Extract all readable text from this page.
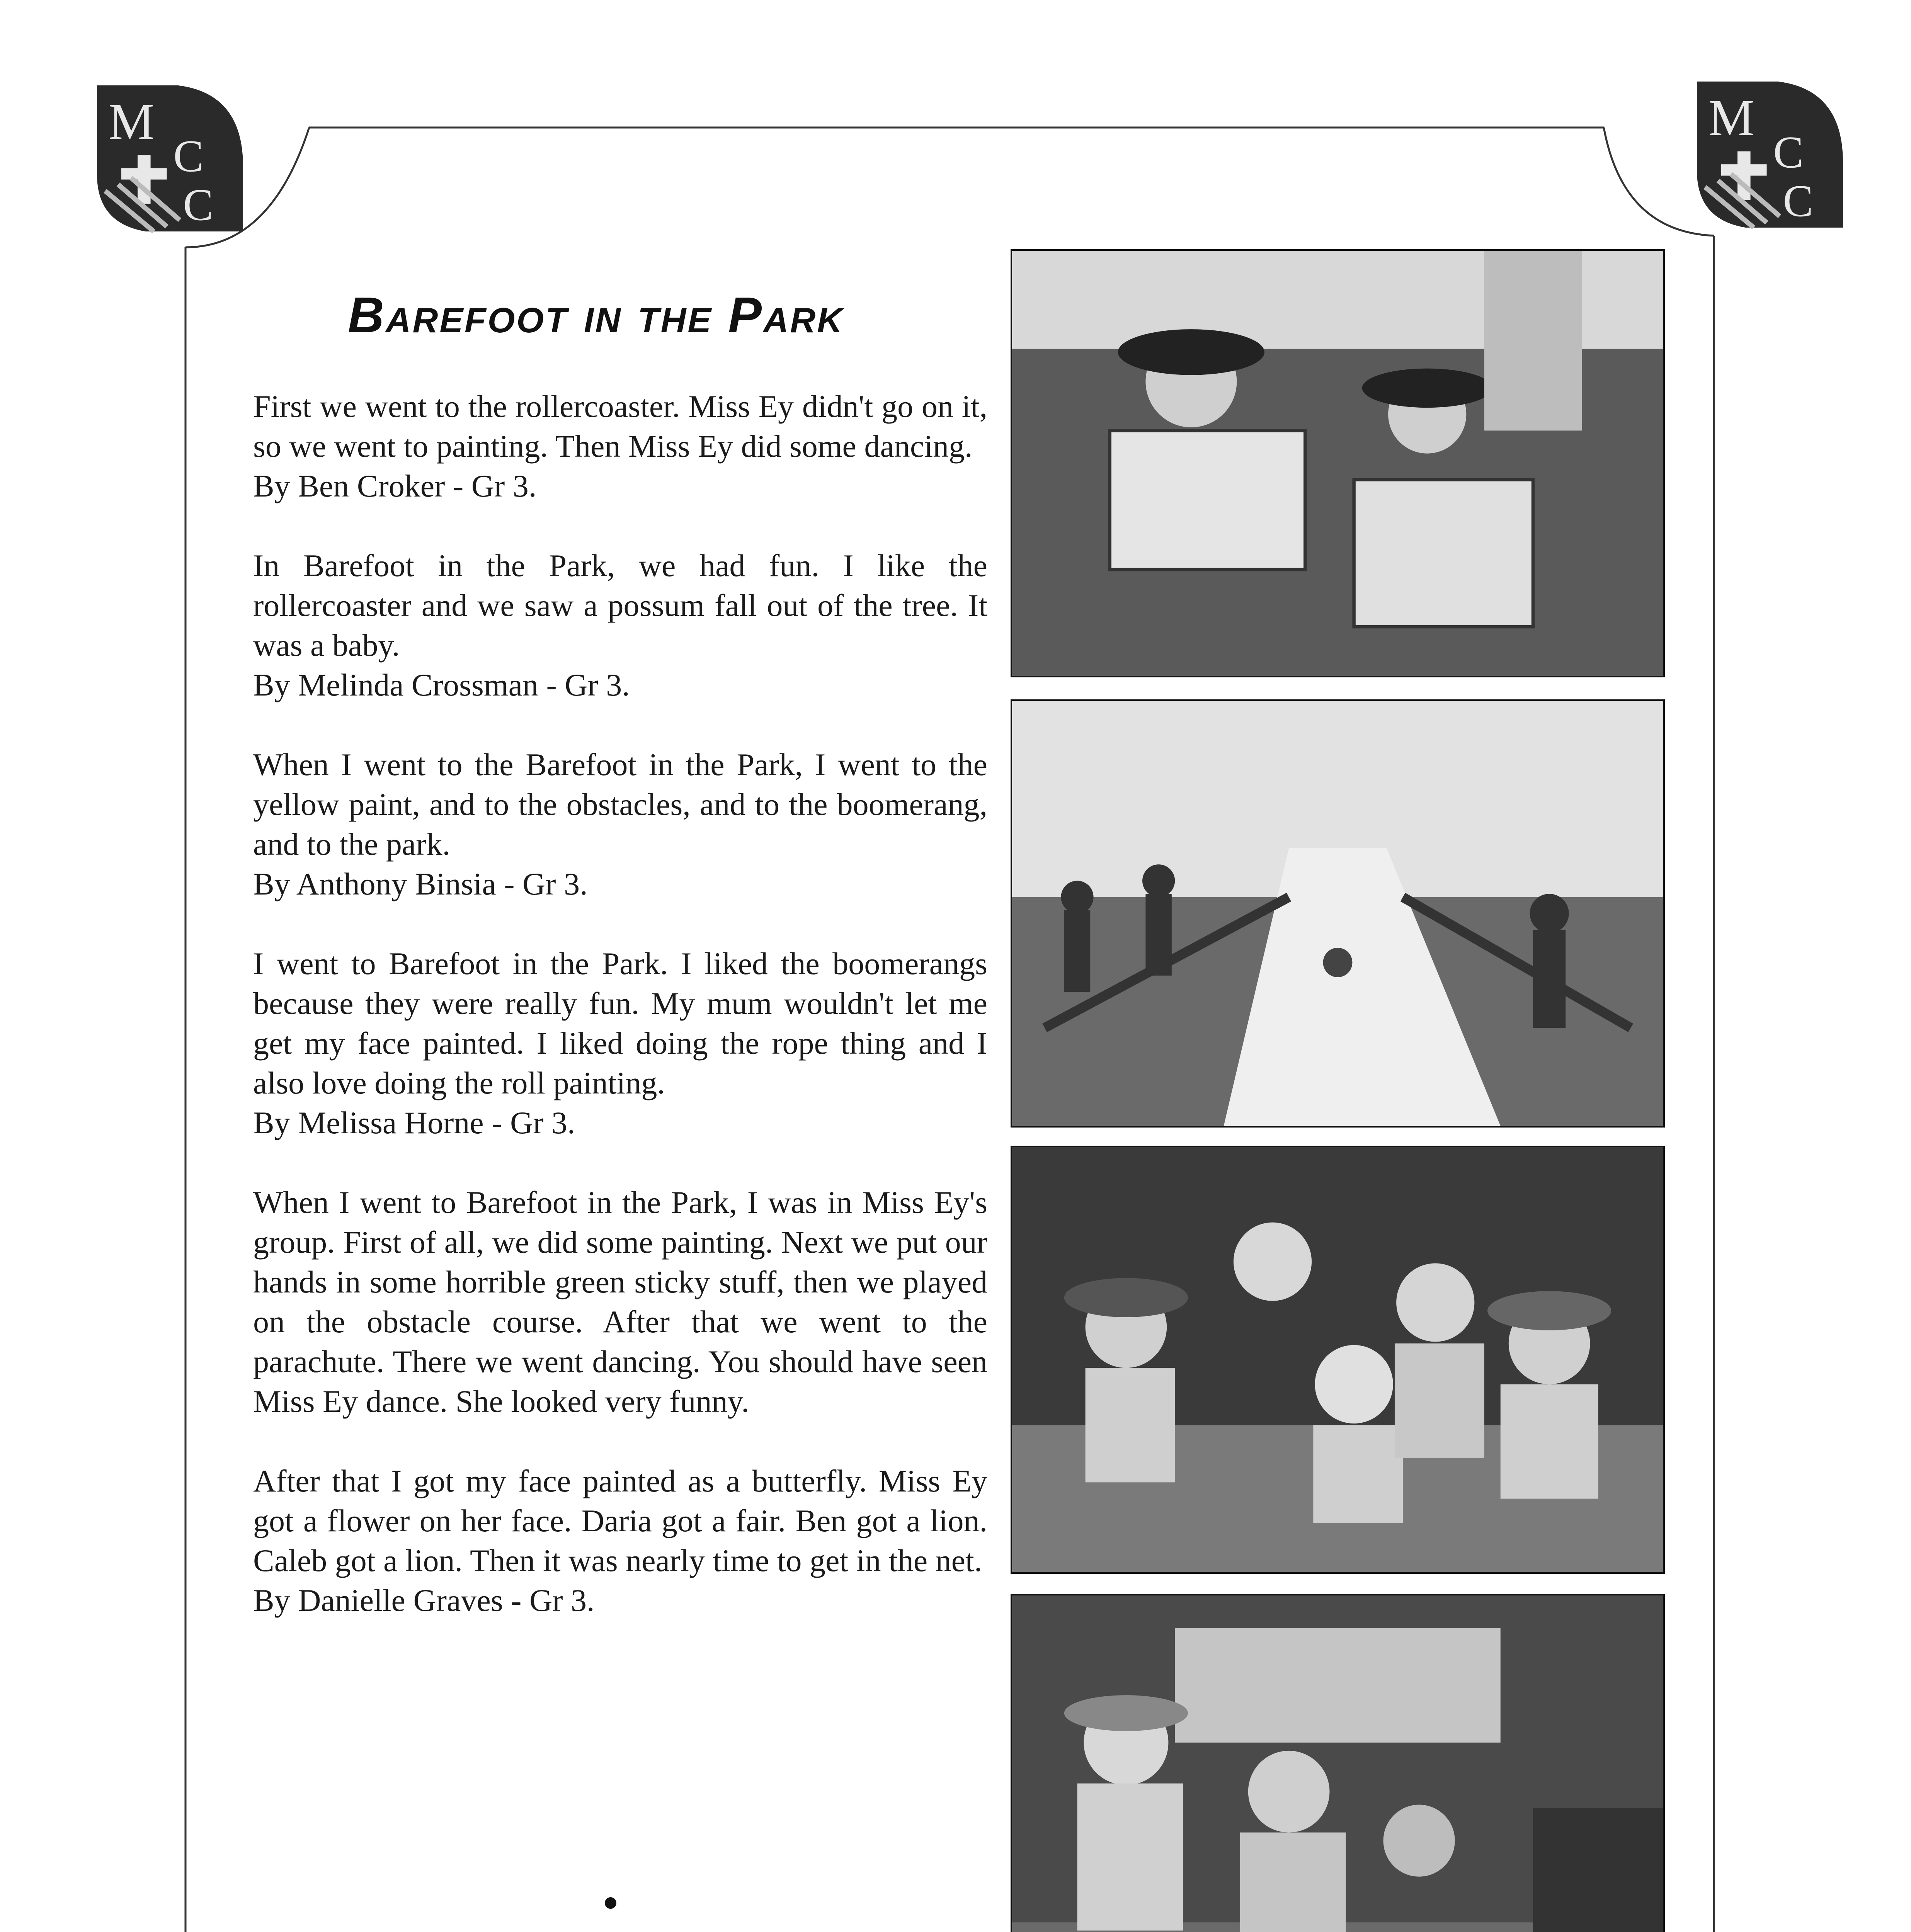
M
C
C
M
C
C
Barefoot in the Park

First we went to the rollercoaster. Miss Ey didn't go on it, so we went to painting. Then Miss Ey did some dancing.

By Ben Croker - Gr 3.

In Barefoot in the Park, we had fun. I like the rollercoaster and we saw a possum fall out of the tree. It was a baby.

By Melinda Crossman - Gr 3.

When I went to the Barefoot in the Park, I went to the yellow paint, and to the obstacles, and to the boomerang, and to the park.

By Anthony Binsia - Gr 3.

I went to Barefoot in the Park. I liked the boomerangs because they were really fun. My mum wouldn't let me get my face painted. I liked doing the rope thing and I also love doing the roll painting.

By Melissa Horne - Gr 3.

When I went to Barefoot in the Park, I was in Miss Ey's group. First of all, we did some painting. Next we put our hands in some horrible green sticky stuff, then we played on the obstacle course. After that we went to the parachute. There we went dancing. You should have seen Miss Ey dance. She looked very funny.

After that I got my face painted as a butterfly. Miss Ey got a flower on her face. Daria got a fair. Ben got a lion. Caleb got a lion. Then it was nearly time to get in the net.

By Danielle Graves - Gr 3.
